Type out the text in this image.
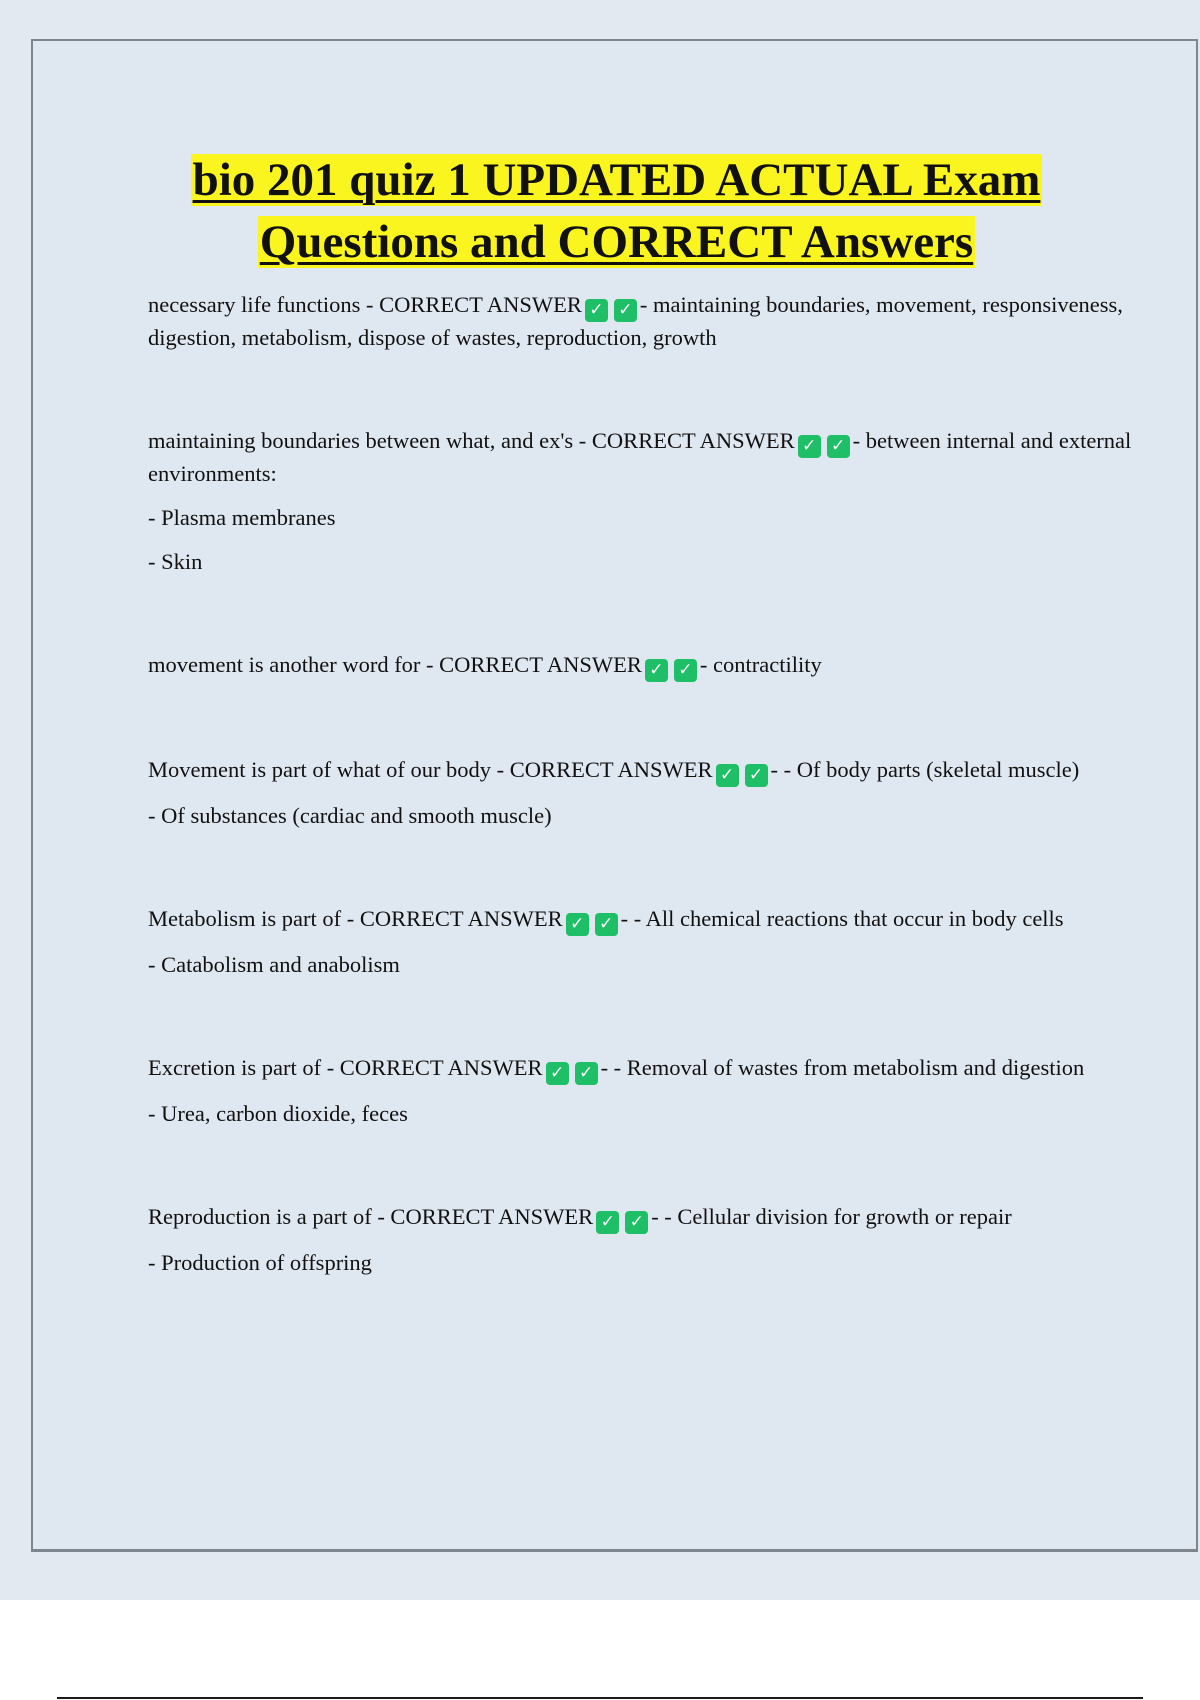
bio 201 quiz 1 UPDATED ACTUAL Exam
Questions and CORRECT Answers

necessary life functions - CORRECT ANSWER ✓ ✓ - maintaining boundaries, movement, responsiveness, digestion, metabolism, dispose of wastes, reproduction, growth

maintaining boundaries between what, and ex's - CORRECT ANSWER ✓ ✓ - between internal and external environments:

- Plasma membranes

- Skin

movement is another word for - CORRECT ANSWER ✓ ✓ - contractility

Movement is part of what of our body - CORRECT ANSWER ✓ ✓ - - Of body parts (skeletal muscle)

- Of substances (cardiac and smooth muscle)

Metabolism is part of - CORRECT ANSWER ✓ ✓ - - All chemical reactions that occur in body cells

- Catabolism and anabolism

Excretion is part of - CORRECT ANSWER ✓ ✓ - - Removal of wastes from metabolism and digestion

- Urea, carbon dioxide, feces

Reproduction is a part of - CORRECT ANSWER ✓ ✓ - - Cellular division for growth or repair

- Production of offspring
